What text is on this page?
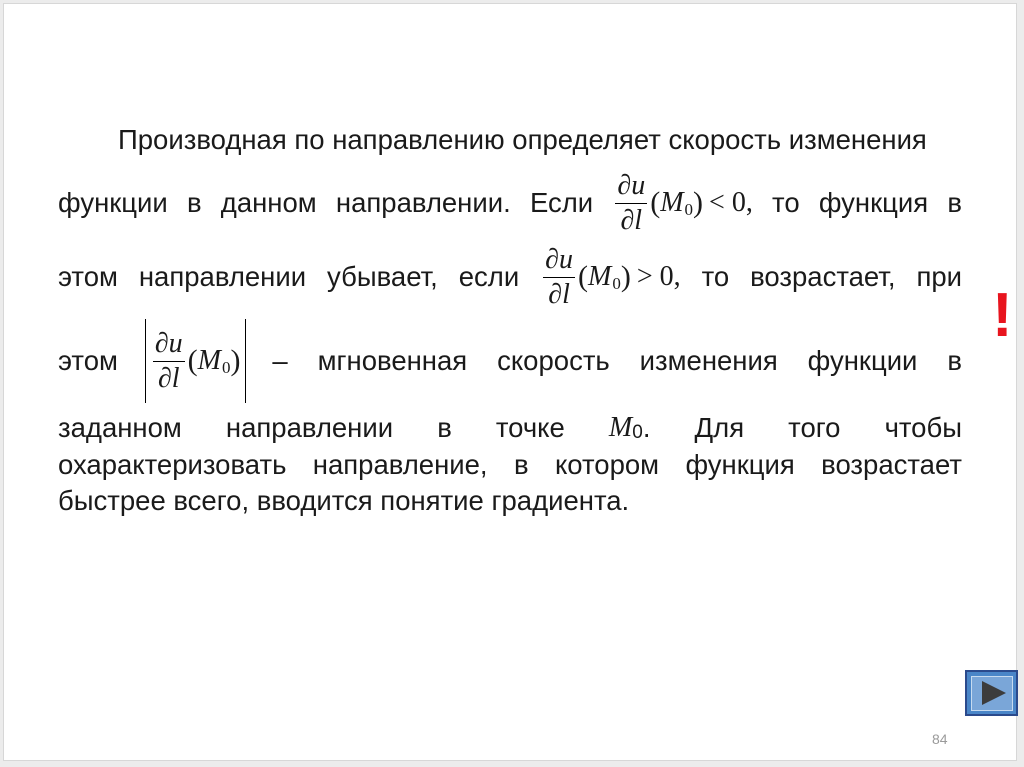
Производная по направлению определяет скорость изменения
функции в данном направлении. Если $\frac{\partial u}{\partial l}$ ( M 0 ) < 0, то функция в
этом направлении убывает, если $\frac{\partial u}{\partial l}$ ( M 0 ) > 0, то возрастает, при
этом $\frac{\partial u}{\partial l}$ ( M 0 ) – мгновенная скорость изменения функции в
заданном направлении в точке M 0 . Для того чтобы
охарактеризовать направление, в котором функция возрастает
быстрее всего, вводится понятие градиента.
!
84
